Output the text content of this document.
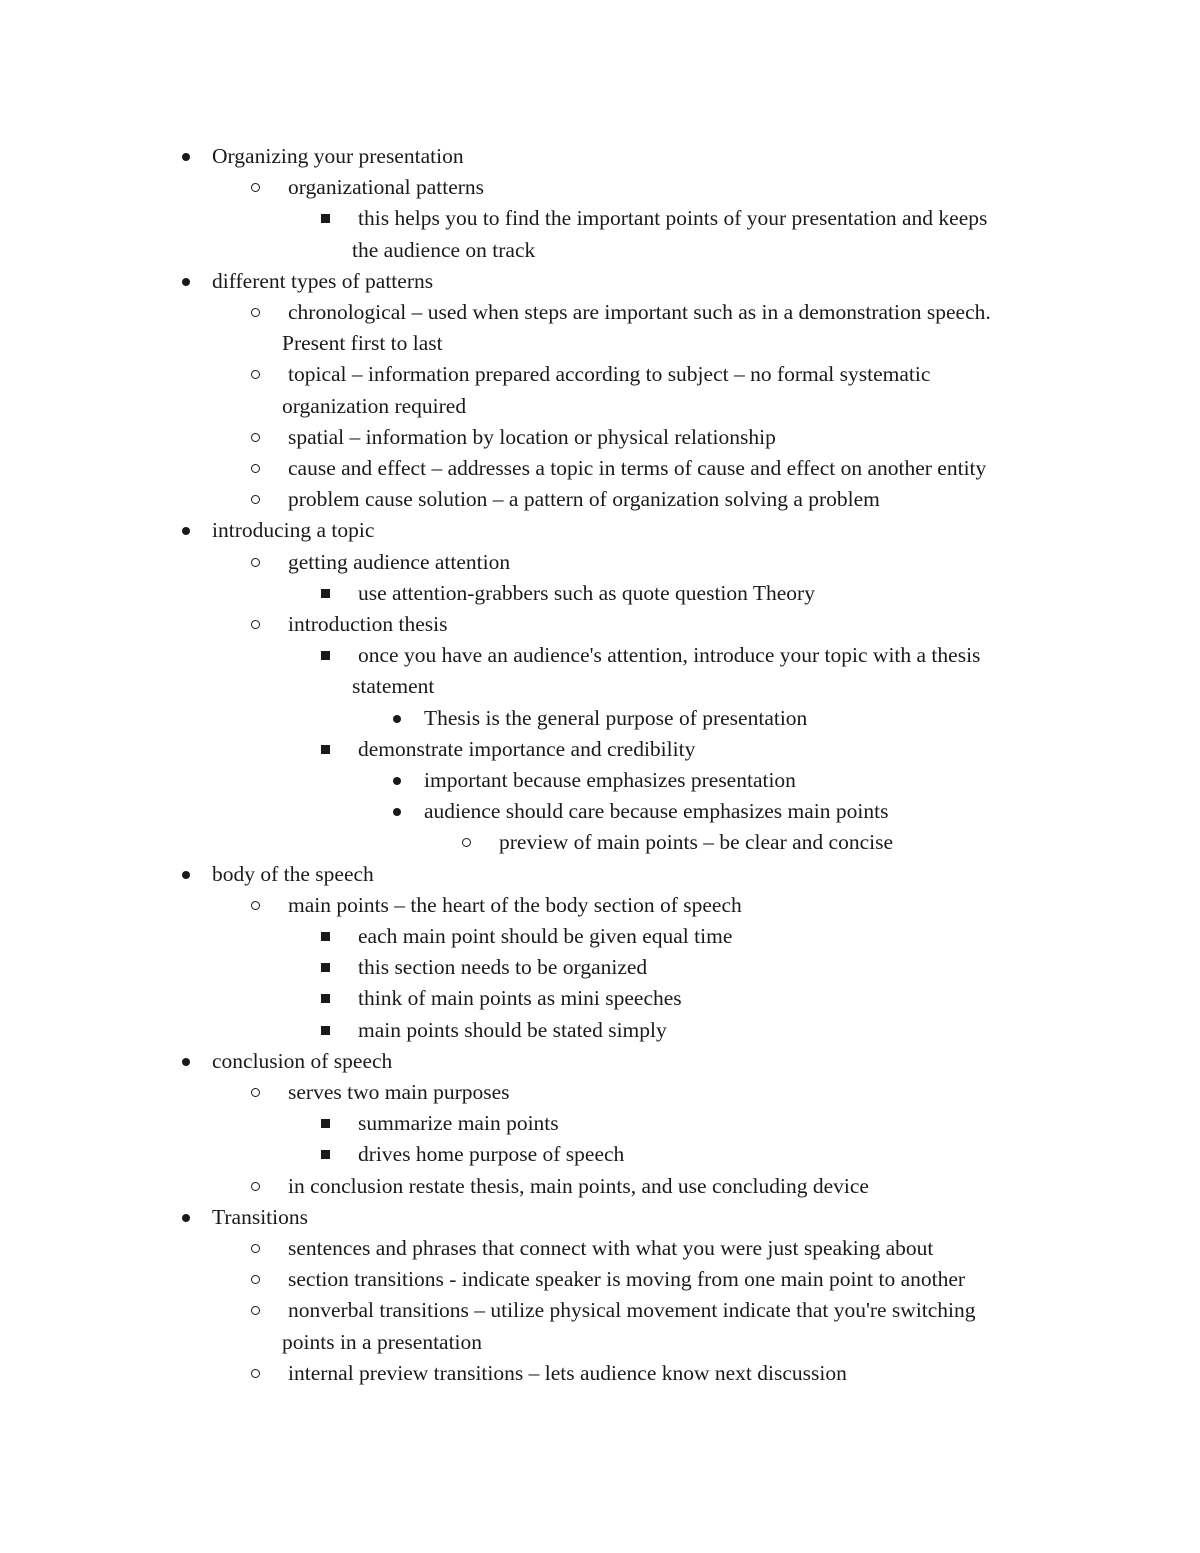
Organizing your presentation
organizational patterns
this helps you to find the important points of your presentation and keeps
the audience on track
different types of patterns
chronological – used when steps are important such as in a demonstration speech.
Present first to last
topical – information prepared according to subject – no formal systematic
organization required
spatial – information by location or physical relationship
cause and effect – addresses a topic in terms of cause and effect on another entity
problem cause solution – a pattern of organization solving a problem
introducing a topic
getting audience attention
use attention-grabbers such as quote question Theory
introduction thesis
once you have an audience's attention, introduce your topic with a thesis
statement
Thesis is the general purpose of presentation
demonstrate importance and credibility
important because emphasizes presentation
audience should care because emphasizes main points
preview of main points – be clear and concise
body of the speech
main points – the heart of the body section of speech
each main point should be given equal time
this section needs to be organized
think of main points as mini speeches
main points should be stated simply
conclusion of speech
serves two main purposes
summarize main points
drives home purpose of speech
in conclusion restate thesis, main points, and use concluding device
Transitions
sentences and phrases that connect with what you were just speaking about
section transitions - indicate speaker is moving from one main point to another
nonverbal transitions – utilize physical movement indicate that you're switching
points in a presentation
internal preview transitions – lets audience know next discussion
